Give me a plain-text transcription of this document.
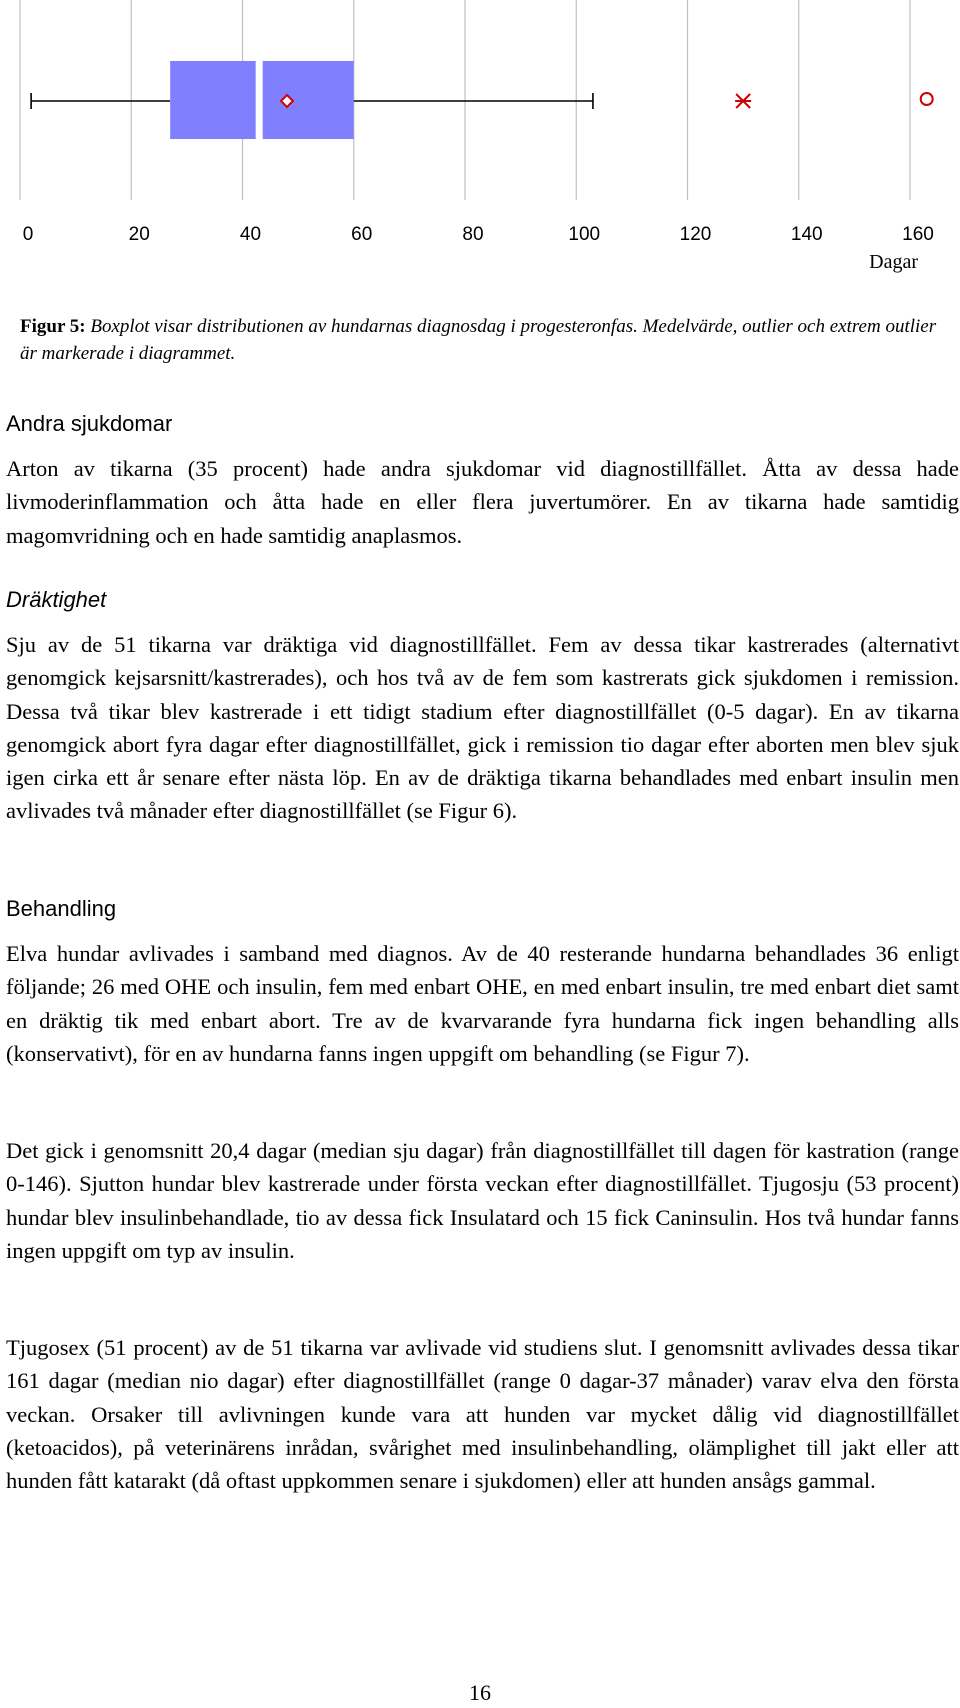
0	20	40	60	80	100	120	140	160
Dagar
Figur 5: Boxplot visar distributionen av hundarnas diagnosdag i progesteronfas. Medelvärde, outlier och extrem outlier är markerade i diagrammet.
Andra sjukdomar
Arton av tikarna (35 procent) hade andra sjukdomar vid diagnostillfället. Åtta av dessa hade livmoderinflammation och åtta hade en eller flera juvertumörer. En av tikarna hade samtidig magomvridning och en hade samtidig anaplasmos.
Dräktighet
Sju av de 51 tikarna var dräktiga vid diagnostillfället. Fem av dessa tikar kastrerades (alternativt genomgick kejsarsnitt/kastrerades), och hos två av de fem som kastrerats gick sjukdomen i remission. Dessa två tikar blev kastrerade i ett tidigt stadium efter diagnostillfället (0-5 dagar). En av tikarna genomgick abort fyra dagar efter diagnostillfället, gick i remission tio dagar efter aborten men blev sjuk igen cirka ett år senare efter nästa löp. En av de dräktiga tikarna behandlades med enbart insulin men avlivades två månader efter diagnostillfället (se Figur 6).
Behandling
Elva hundar avlivades i samband med diagnos. Av de 40 resterande hundarna behandlades 36 enligt följande; 26 med OHE och insulin, fem med enbart OHE, en med enbart insulin, tre med enbart diet samt en dräktig tik med enbart abort. Tre av de kvarvarande fyra hundarna fick ingen behandling alls (konservativt), för en av hundarna fanns ingen uppgift om behandling (se Figur 7).
Det gick i genomsnitt 20,4 dagar (median sju dagar) från diagnostillfället till dagen för kastration (range 0-146). Sjutton hundar blev kastrerade under första veckan efter diagnostillfället. Tjugosju (53 procent) hundar blev insulinbehandlade, tio av dessa fick Insulatard och 15 fick Caninsulin. Hos två hundar fanns ingen uppgift om typ av insulin.
Tjugosex (51 procent) av de 51 tikarna var avlivade vid studiens slut. I genomsnitt avlivades dessa tikar 161 dagar (median nio dagar) efter diagnostillfället (range 0 dagar-37 månader) varav elva den första veckan. Orsaker till avlivningen kunde vara att hunden var mycket dålig vid diagnostillfället (ketoacidos), på veterinärens inrådan, svårighet med insulinbehandling, olämplighet till jakt eller att hunden fått katarakt (då oftast uppkommen senare i sjukdomen) eller att hunden ansågs gammal.
16
